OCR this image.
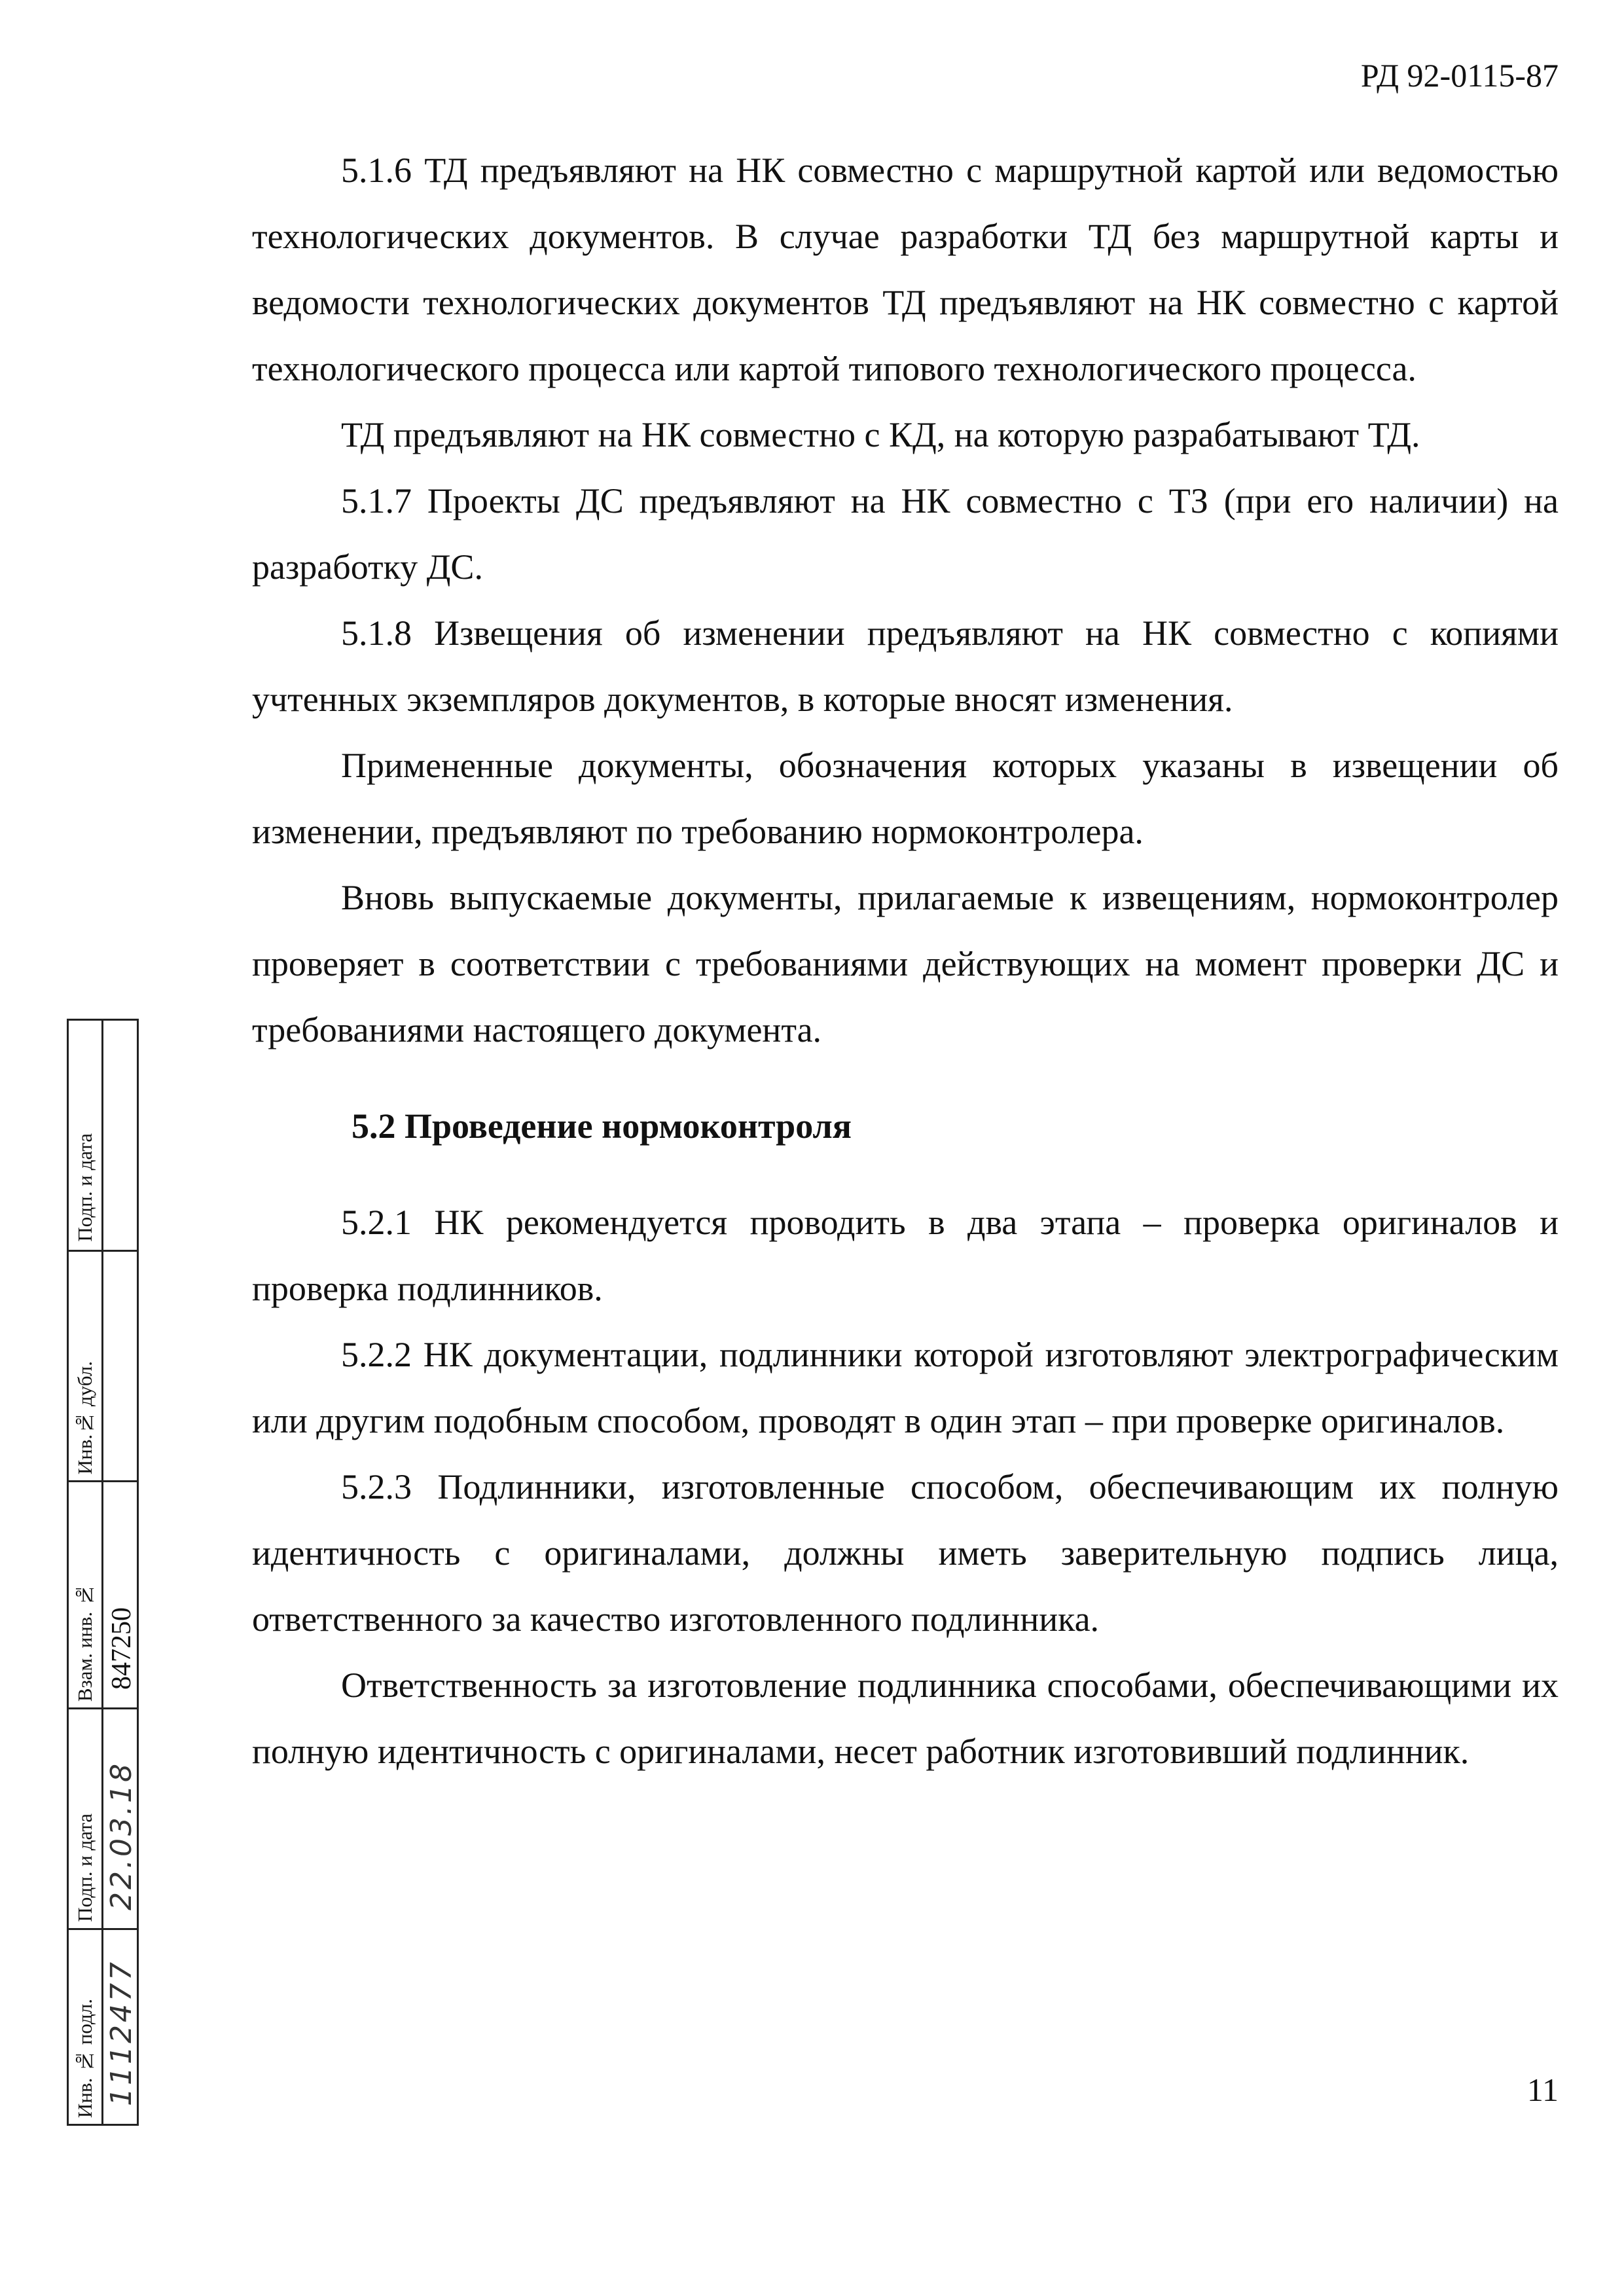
РД 92-0115-87

5.1.6 ТД предъявляют на НК совместно с маршрутной картой или ведомостью технологических документов. В случае разработки ТД без маршрутной карты и ведомости технологических документов ТД предъявляют на НК совместно с картой технологического процесса или картой типового технологического процесса.

ТД предъявляют на НК совместно с КД, на которую разрабатывают ТД.

5.1.7 Проекты ДС предъявляют на НК совместно с ТЗ (при его наличии) на разработку ДС.

5.1.8 Извещения об изменении предъявляют на НК совместно с копиями учтенных экземпляров документов, в которые вносят изменения.

Примененные документы, обозначения которых указаны в извещении об изменении, предъявляют по требованию нормоконтролера.

Вновь выпускаемые документы, прилагаемые к извещениям, нормоконтролер проверяет в соответствии с требованиями действующих на момент проверки ДС и требованиями настоящего документа.

5.2 Проведение нормоконтроля

5.2.1 НК рекомендуется проводить в два этапа – проверка оригиналов и проверка подлинников.

5.2.2 НК документации, подлинники которой изготовляют электрографическим или другим подобным способом, проводят в один этап – при проверке оригиналов.

5.2.3 Подлинники, изготовленные способом, обеспечивающим их полную идентичность с оригиналами, должны иметь заверительную подпись лица, ответственного за качество изготовленного подлинника.

Ответственность за изготовление подлинника способами, обеспечивающими их полную идентичность с оригиналами, несет работник изготовивший подлинник.

Подп. и дата
Инв.№ дубл.
Взам. инв. № 847250
Подп. и дата 22.03.18
Инв. № подл. 1112477	11
